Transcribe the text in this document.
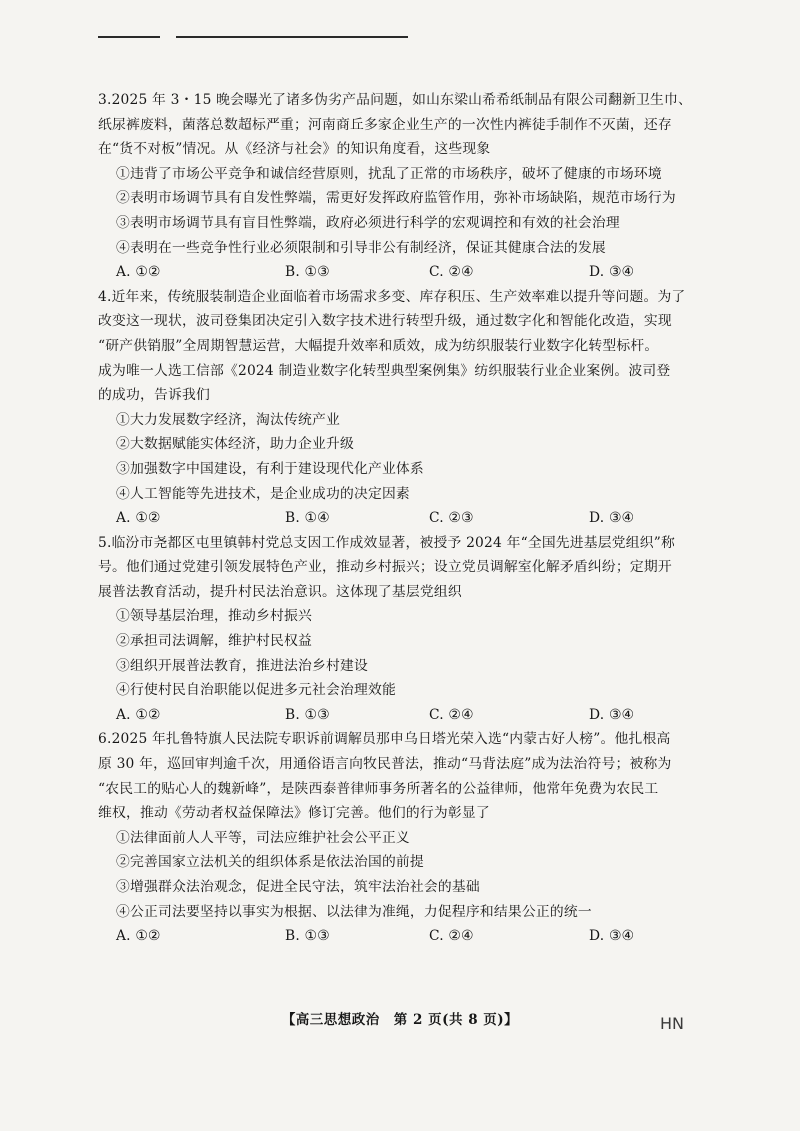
3.2025 年 3・15 晚会曝光了诸多伪劣产品问题，如山东梁山希希纸制品有限公司翻新卫生巾、
纸尿裤废料，菌落总数超标严重；河南商丘多家企业生产的一次性内裤徒手制作不灭菌，还存
在“货不对板”情况。从《经济与社会》的知识角度看，这些现象
①违背了市场公平竞争和诚信经营原则，扰乱了正常的市场秩序，破坏了健康的市场环境
②表明市场调节具有自发性弊端，需更好发挥政府监管作用，弥补市场缺陷，规范市场行为
③表明市场调节具有盲目性弊端，政府必须进行科学的宏观调控和有效的社会治理
④表明在一些竞争性行业必须限制和引导非公有制经济，保证其健康合法的发展
A. ①②	B. ①③	C. ②④	D. ③④
4.近年来，传统服装制造企业面临着市场需求多变、库存积压、生产效率难以提升等问题。为了
改变这一现状，波司登集团决定引入数字技术进行转型升级，通过数字化和智能化改造，实现
“研产供销服”全周期智慧运营，大幅提升效率和质效，成为纺织服装行业数字化转型标杆。
成为唯一人选工信部《2024 制造业数字化转型典型案例集》纺织服装行业企业案例。波司登
的成功，告诉我们
①大力发展数字经济，淘汰传统产业
②大数据赋能实体经济，助力企业升级
③加强数字中国建设，有利于建设现代化产业体系
④人工智能等先进技术，是企业成功的决定因素
A. ①②	B. ①④	C. ②③	D. ③④
5.临汾市尧都区屯里镇韩村党总支因工作成效显著，被授予 2024 年“全国先进基层党组织”称
号。他们通过党建引领发展特色产业，推动乡村振兴；设立党员调解室化解矛盾纠纷；定期开
展普法教育活动，提升村民法治意识。这体现了基层党组织
①领导基层治理，推动乡村振兴
②承担司法调解，维护村民权益
③组织开展普法教育，推进法治乡村建设
④行使村民自治职能以促进多元社会治理效能
A. ①②	B. ①③	C. ②④	D. ③④
6.2025 年扎鲁特旗人民法院专职诉前调解员那申乌日塔光荣入选“内蒙古好人榜”。他扎根高
原 30 年，巡回审判逾千次，用通俗语言向牧民普法，推动“马背法庭”成为法治符号；被称为
“农民工的贴心人的魏新峰”，是陕西泰普律师事务所著名的公益律师，他常年免费为农民工
维权，推动《劳动者权益保障法》修订完善。他们的行为彰显了
①法律面前人人平等，司法应维护社会公平正义
②完善国家立法机关的组织体系是依法治国的前提
③增强群众法治观念，促进全民守法，筑牢法治社会的基础
④公正司法要坚持以事实为根据、以法律为准绳，力促程序和结果公正的统一
A. ①②	B. ①③	C. ②④	D. ③④
【高三思想政治　第 2 页(共 8 页)】	HN
